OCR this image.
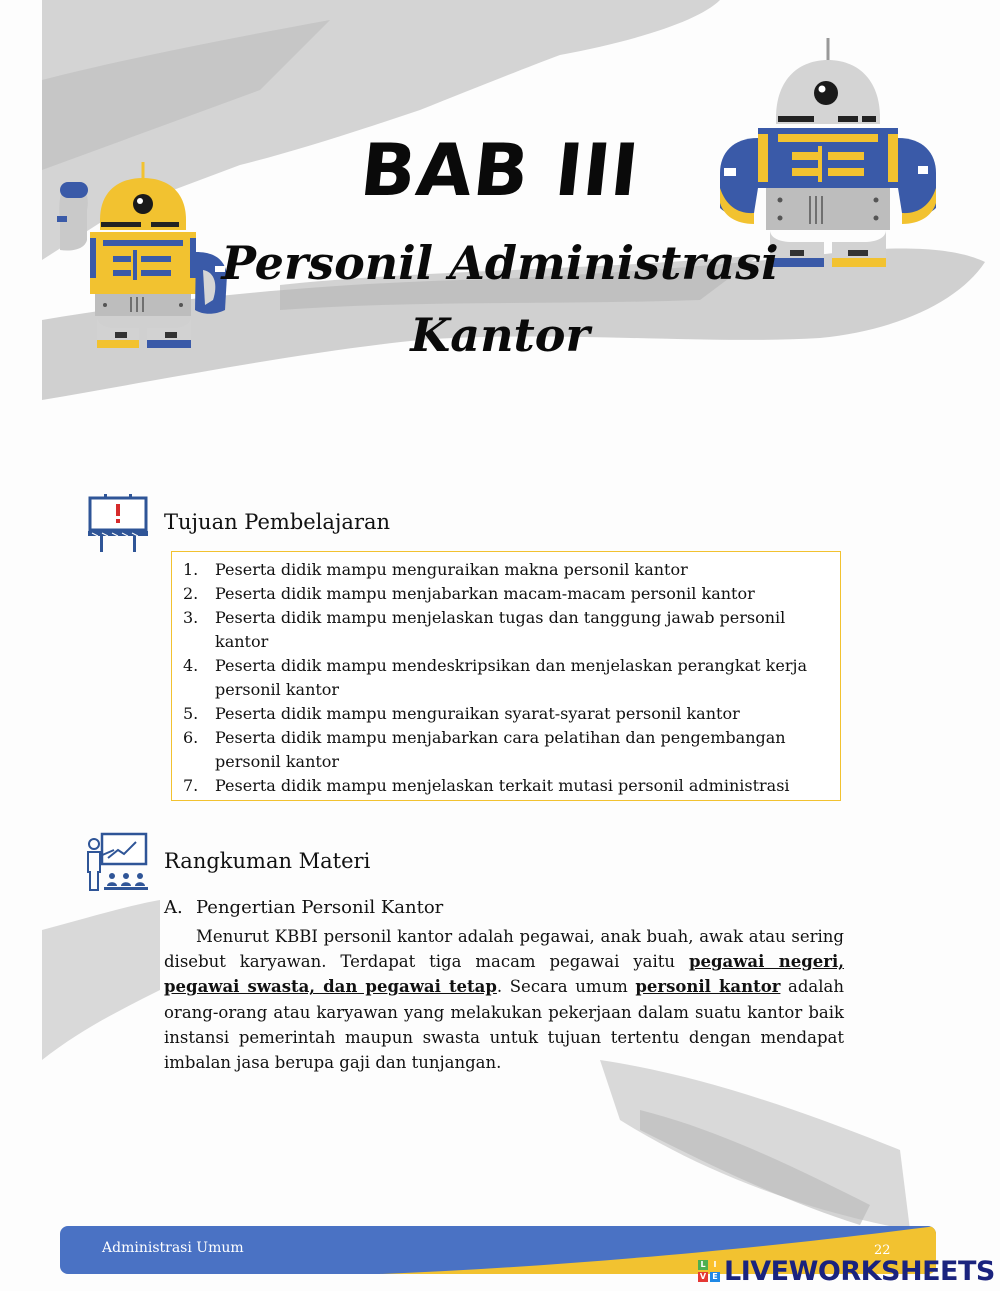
BAB III
Personil Administrasi
Kantor
Tujuan Pembelajaran
1. Peserta didik mampu menguraikan makna personil kantor
2. Peserta didik mampu menjabarkan macam-macam personil kantor
3. Peserta didik mampu menjelaskan tugas dan tanggung jawab personil kantor
4. Peserta didik mampu mendeskripsikan dan menjelaskan perangkat kerja personil kantor
5. Peserta didik mampu menguraikan syarat-syarat personil kantor
6. Peserta didik mampu menjabarkan cara pelatihan dan pengembangan personil kantor
7. Peserta didik mampu menjelaskan terkait mutasi personil administrasi
Rangkuman Materi
A. Pengertian Personil Kantor
Menurut KBBI personil kantor adalah pegawai, anak buah, awak atau sering disebut karyawan. Terdapat tiga macam pegawai yaitu pegawai negeri, pegawai swasta, dan pegawai tetap. Secara umum personil kantor adalah orang-orang atau karyawan yang melakukan pekerjaan dalam suatu kantor baik instansi pemerintah maupun swasta untuk tujuan tertentu dengan mendapat imbalan jasa berupa gaji dan tunjangan.
Administrasi Umum	22
L I
V E LIVEWORKSHEETS
